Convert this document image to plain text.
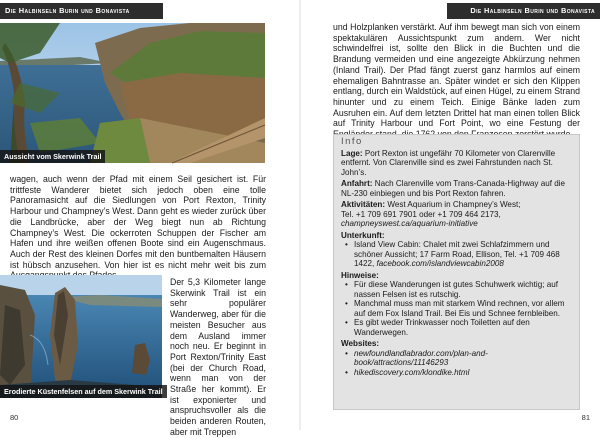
Die Halbinseln Burin und Bonavista
Aussicht vom Skerwink Trail
wagen, auch wenn der Pfad mit einem Seil gesichert ist. Für trittfeste Wanderer bietet sich jedoch oben eine tolle Panoramasicht auf die Siedlungen von Port Rexton, Trinity Harbour und Champney’s West. Dann geht es wieder zurück über die Landbrücke, aber der Weg biegt nun ab Richtung Champney’s West. Die ockerroten Schuppen der Fischer am Hafen und ihre weißen offenen Boote sind ein Augenschmaus. Auch der Rest des kleinen Dorfes mit den buntbemalten Häusern ist hübsch anzusehen. Von hier ist es nicht mehr weit bis zum
Erodierte Küstenfelsen auf dem Skerwink Trail
Der 5,3 Kilometer lange Skerwink Trail ist ein sehr populärer Wanderweg, aber für die meisten Besucher aus dem Ausland immer noch neu. Er beginnt in Port Rexton/Trinity East (bei der Church Road, wenn man von der Straße her kommt). Er ist exponierter und anspruchsvoller als die beiden anderen Routen, aber mit Treppen
80
Die Halbinseln Burin und Bonavista
und Holzplanken verstärkt. Auf ihm bewegt man sich von einem spektakulären Aussichtspunkt zum andern. Wer nicht schwindelfrei ist, sollte den Blick in die Buchten und die Brandung vermeiden und eine angezeigte Abkürzung nehmen (Inland Trail). Der Pfad fängt zuerst ganz harmlos auf einem ehemaligen Bahntrasse an. Später windet er sich den Klippen entlang, durch ein Waldstück, auf einen Hügel, zu einem Strand hinunter und zu einem Teich. Einige Bänke laden zum Ausruhen ein. Auf dem letzten Drittel hat man einen tollen Blick auf Trinity Harbour und Fort Point, wo eine Festung der
Info

Lage: Port Rexton ist ungefähr 70 Kilometer von Clarenville entfernt. Von Clarenville sind es zwei Fahrstunden nach St. John’s.

Anfahrt: Nach Clarenville vom Trans-Canada-Highway auf die NL-230 einbiegen und bis Port Rexton fahren.

Aktivitäten: West Aquarium in Champney’s West;
Tel. +1 709 691 7901 oder +1 709 464 2173,
champneyswest.ca/aquarium-initiative

Unterkunft:
• Island View Cabin: Chalet mit zwei Schlafzimmern und schöner Aussicht; 17 Farm Road, Ellison, Tel. +1 709 468 1422, facebook.com/islandviewcabin2008
Hinweise:
• Für diese Wanderungen ist gutes Schuhwerk wichtig; auf nassen Felsen ist es rutschig.
• Manchmal muss man mit starkem Wind rechnen, vor allem auf dem Fox Island Trail. Bei Eis und Schnee fernbleiben.
• Es gibt weder Trinkwasser noch Toiletten auf den Wanderwegen.
Websites:
• newfoundlandlabrador.com/plan-and-book/attractions/11146293
• hikediscovery.com/klondike.html
81
